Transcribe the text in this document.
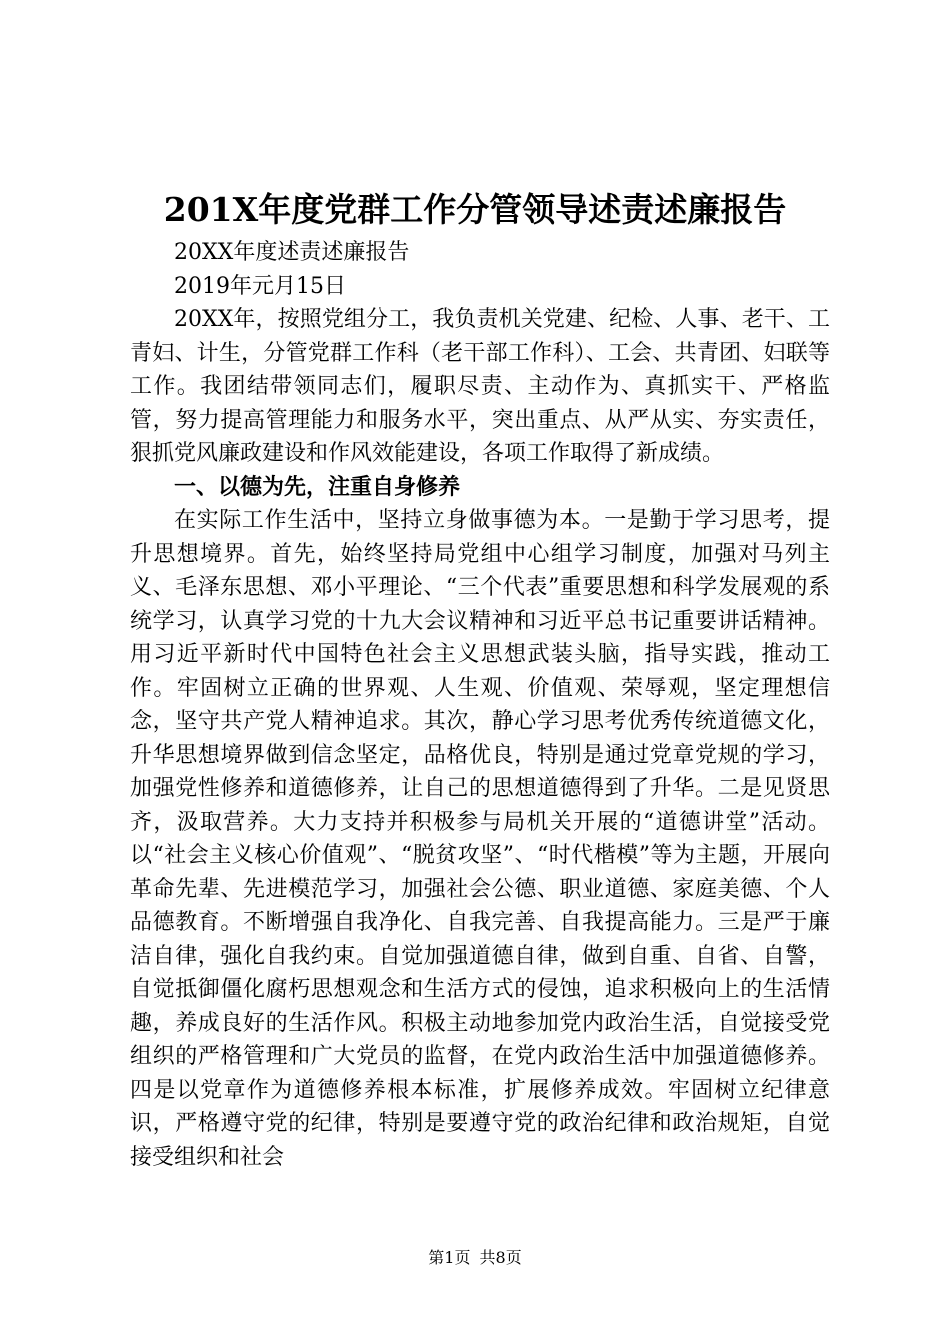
201X年度党群工作分管领导述责述廉报告

20XX年度述责述廉报告

2019年元月15日

20XX年，按照党组分工，我负责机关党建、纪检、人事、老干、工青妇、计生，分管党群工作科（老干部工作科）、工会、共青团、妇联等工作。我团结带领同志们，履职尽责、主动作为、真抓实干、严格监管，努力提高管理能力和服务水平，突出重点、从严从实、夯实责任，狠抓党风廉政建设和作风效能建设，各项工作取得了新成绩。

一、以德为先，注重自身修养

在实际工作生活中，坚持立身做事德为本。一是勤于学习思考，提升思想境界。首先，始终坚持局党组中心组学习制度，加强对马列主义、毛泽东思想、邓小平理论、“三个代表”重要思想和科学发展观的系统学习，认真学习党的十九大会议精神和习近平总书记重要讲话精神。用习近平新时代中国特色社会主义思想武装头脑，指导实践，推动工作。牢固树立正确的世界观、人生观、价值观、荣辱观，坚定理想信念，坚守共产党人精神追求。其次，静心学习思考优秀传统道德文化，升华思想境界做到信念坚定，品格优良，特别是通过党章党规的学习，加强党性修养和道德修养，让自己的思想道德得到了升华。二是见贤思齐，汲取营养。大力支持并积极参与局机关开展的“道德讲堂”活动。以“社会主义核心价值观”、“脱贫攻坚”、“时代楷模”等为主题，开展向革命先辈、先进模范学习，加强社会公德、职业道德、家庭美德、个人品德教育。不断增强自我净化、自我完善、自我提高能力。三是严于廉洁自律，强化自我约束。自觉加强道德自律，做到自重、自省、自警，自觉抵御僵化腐朽思想观念和生活方式的侵蚀，追求积极向上的生活情趣，养成良好的生活作风。积极主动地参加党内政治生活，自觉接受党组织的严格管理和广大党员的监督，在党内政治生活中加强道德修养。四是以党章作为道德修养根本标准，扩展修养成效。牢固树立纪律意识，严格遵守党的纪律，特别是要遵守党的政治纪律和政治规矩，自觉接受组织和社会

第1页 共8页
